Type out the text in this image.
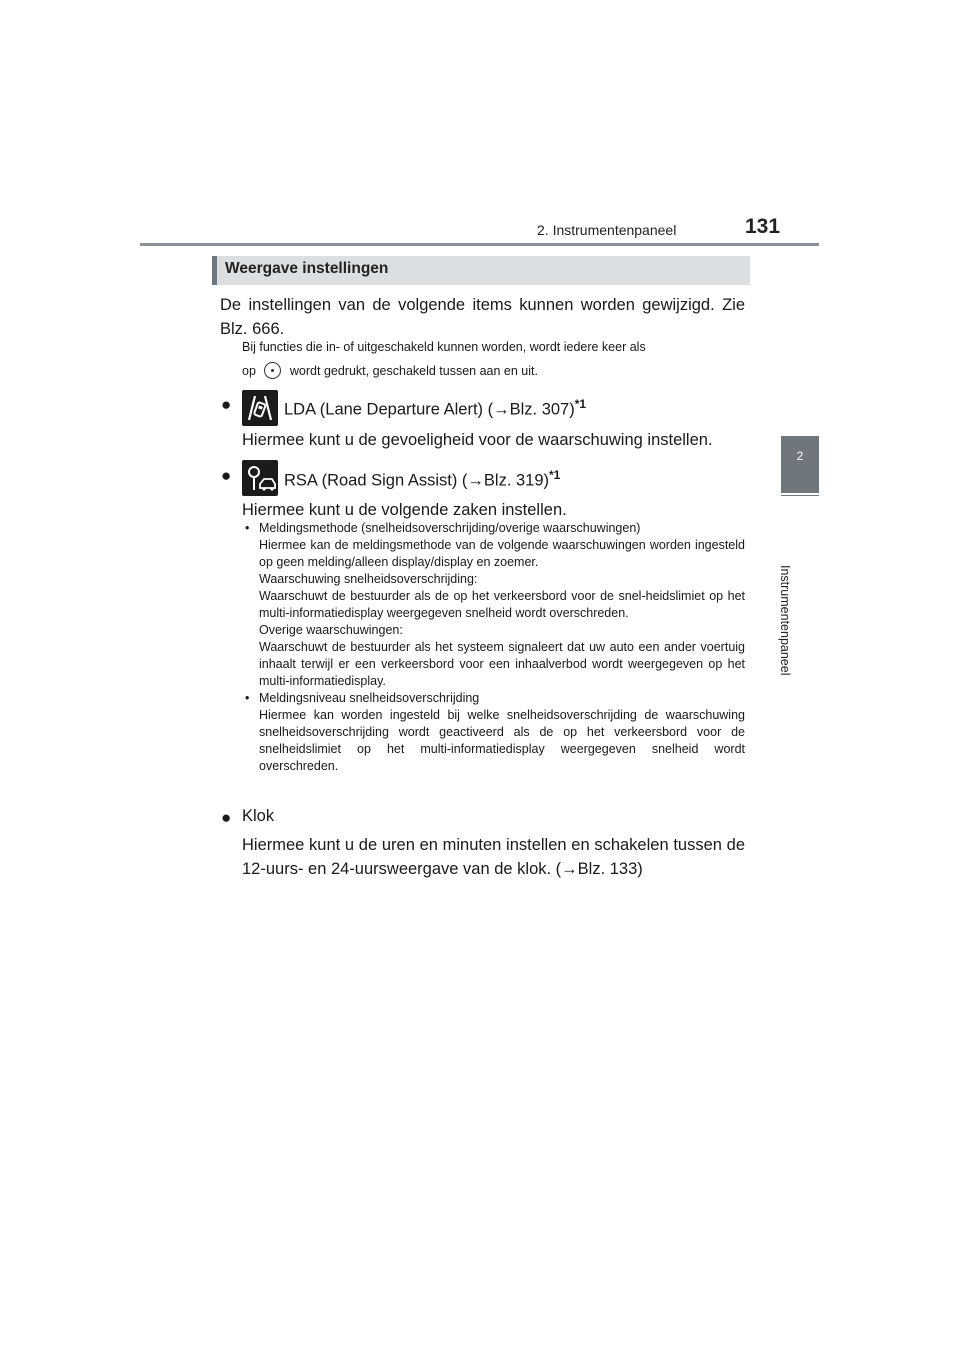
2. Instrumentenpaneel	131
2
Instrumentenpaneel
Weergave instellingen
De instellingen van de volgende items kunnen worden gewijzigd. Zie Blz. 666.
Bij functies die in- of uitgeschakeld kunnen worden, wordt iedere keer als
op	wordt gedrukt, geschakeld tussen aan en uit.
●	LDA (Lane Departure Alert) (→Blz. 307)$^{*1}$
Hiermee kunt u de gevoeligheid voor de waarschuwing instellen.
●	RSA (Road Sign Assist) (→Blz. 319)$^{*1}$
Hiermee kunt u de volgende zaken instellen.
• Meldingsmethode (snelheidsoverschrijding/overige waarschuwingen)
Hiermee kan de meldingsmethode van de volgende waarschuwingen worden ingesteld op geen melding/alleen display/display en zoemer.
Waarschuwing snelheidsoverschrijding:
Waarschuwt de bestuurder als de op het verkeersbord voor de snel-heidslimiet op het multi-informatiedisplay weergegeven snelheid wordt overschreden.
Overige waarschuwingen:
Waarschuwt de bestuurder als het systeem signaleert dat uw auto een ander voertuig inhaalt terwijl er een verkeersbord voor een inhaalverbod wordt weergegeven op het multi-informatiedisplay.
• Meldingsniveau snelheidsoverschrijding
Hiermee kan worden ingesteld bij welke snelheidsoverschrijding de waarschuwing snelheidsoverschrijding wordt geactiveerd als de op het verkeersbord voor de snelheidslimiet op het multi-informatiedisplay weergegeven snelheid wordt overschreden.
● Klok
Hiermee kunt u de uren en minuten instellen en schakelen tussen de 12-uurs- en 24-uursweergave van de klok. (→Blz. 133)
